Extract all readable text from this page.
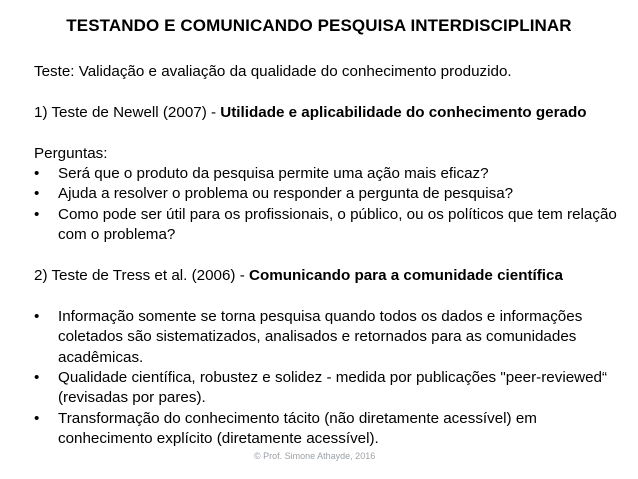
TESTANDO E COMUNICANDO PESQUISA INTERDISCIPLINAR
Teste: Validação e avaliação da qualidade do conhecimento produzido.
1) Teste de Newell (2007) - Utilidade e aplicabilidade do conhecimento gerado
Perguntas:
• Será que o produto da pesquisa permite uma ação mais eficaz?
• Ajuda a resolver o problema ou responder a pergunta de pesquisa?
• Como pode ser útil para os profissionais, o público, ou os políticos que tem relação com o problema?
2) Teste de Tress et al. (2006) - Comunicando para a comunidade científica
• Informação somente se torna pesquisa quando todos os dados e informações coletados são sistematizados, analisados e retornados para as comunidades acadêmicas.
• Qualidade científica, robustez e solidez - medida por publicações "peer-reviewed“ (revisadas por pares).
• Transformação do conhecimento tácito (não diretamente acessível) em conhecimento explícito (diretamente acessível).
© Prof. Simone Athayde, 2016
